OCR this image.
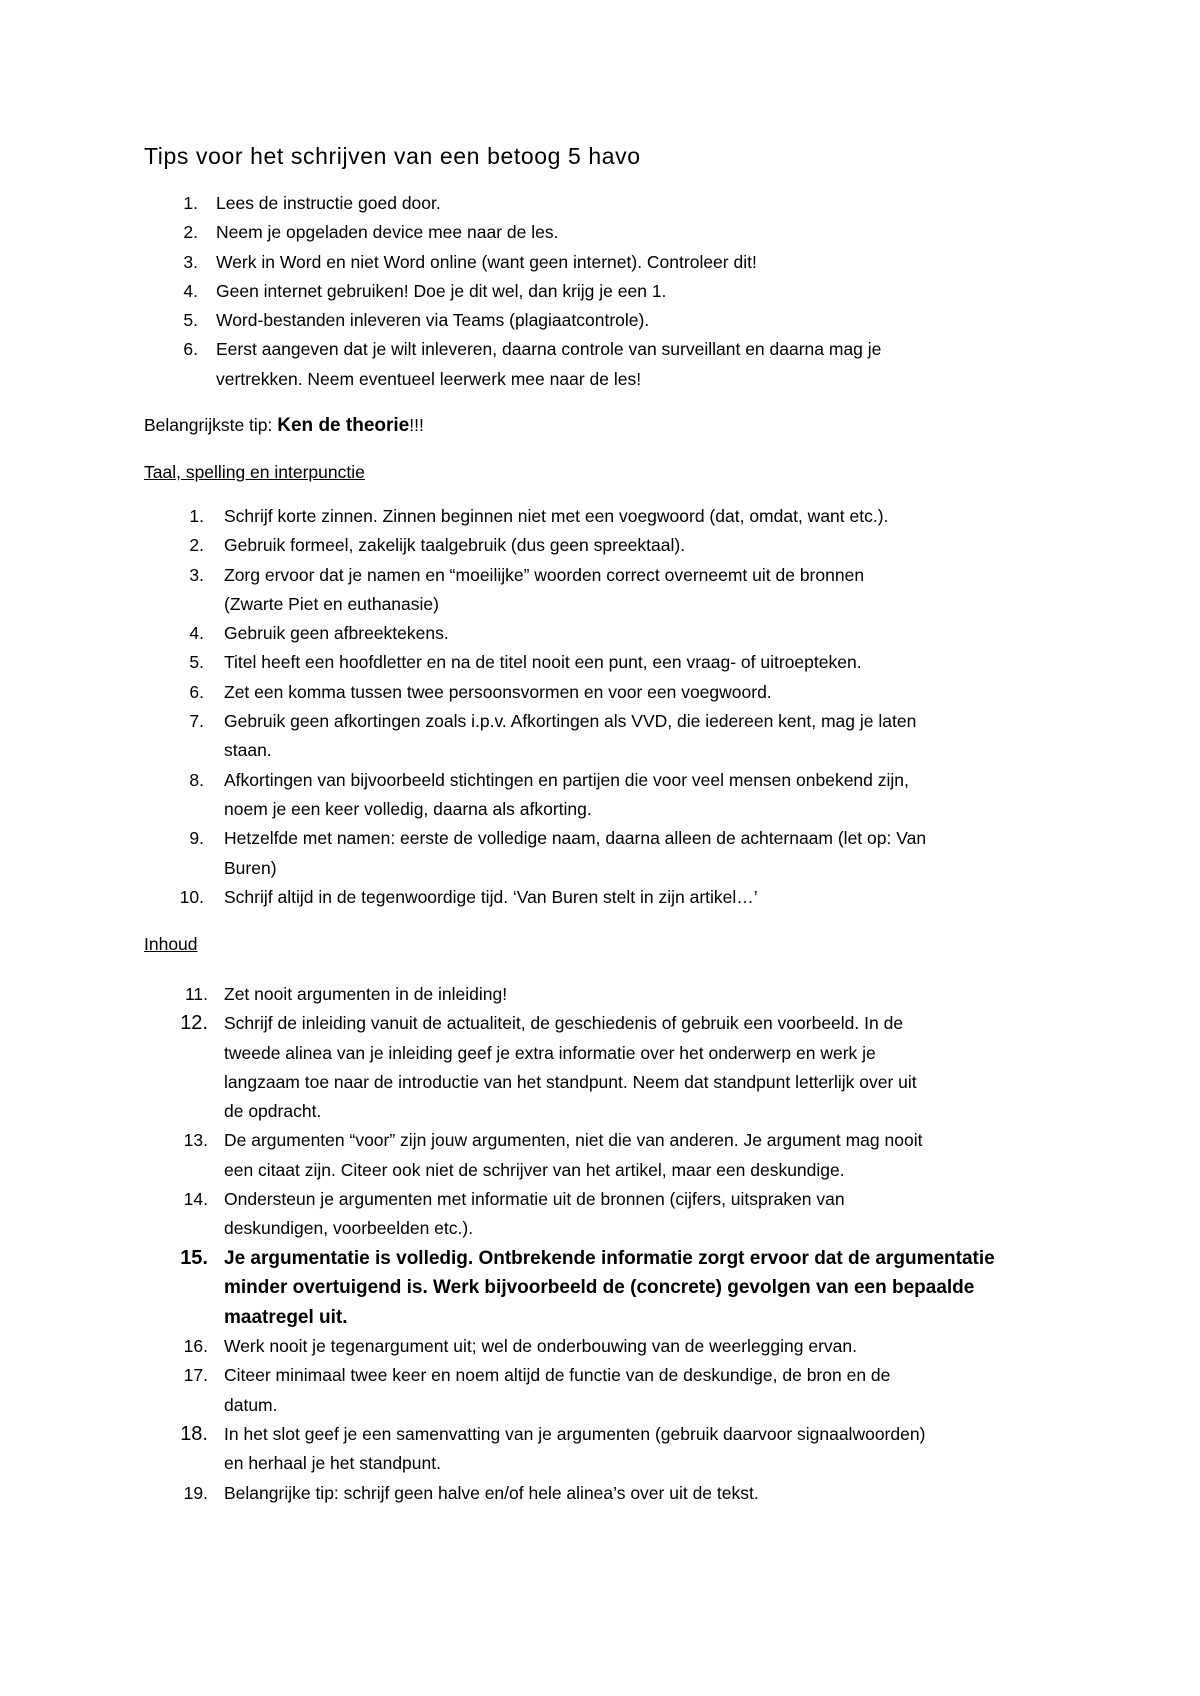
Tips voor het schrijven van een betoog 5 havo
1.	Lees de instructie goed door.
2.	Neem je opgeladen device mee naar de les.
3.	Werk in Word en niet Word online (want geen internet). Controleer dit!
4.	Geen internet gebruiken! Doe je dit wel, dan krijg je een 1.
5.	Word-bestanden inleveren via Teams (plagiaatcontrole).
6.	Eerst aangeven dat je wilt inleveren, daarna controle van surveillant en daarna mag je
vertrekken. Neem eventueel leerwerk mee naar de les!

Belangrijkste tip: Ken de theorie!!!

Taal, spelling en interpunctie
1.	Schrijf korte zinnen. Zinnen beginnen niet met een voegwoord (dat, omdat, want etc.).
2.	Gebruik formeel, zakelijk taalgebruik (dus geen spreektaal).
3.	Zorg ervoor dat je namen en “moeilijke” woorden correct overneemt uit de bronnen
(Zwarte Piet en euthanasie)
4.	Gebruik geen afbreektekens.
5.	Titel heeft een hoofdletter en na de titel nooit een punt, een vraag- of uitroepteken.
6.	Zet een komma tussen twee persoonsvormen en voor een voegwoord.
7.	Gebruik geen afkortingen zoals i.p.v. Afkortingen als VVD, die iedereen kent, mag je laten
staan.
8.	Afkortingen van bijvoorbeeld stichtingen en partijen die voor veel mensen onbekend zijn,
noem je een keer volledig, daarna als afkorting.
9.	Hetzelfde met namen: eerste de volledige naam, daarna alleen de achternaam (let op: Van
Buren)
10.	Schrijf altijd in de tegenwoordige tijd. ‘Van Buren stelt in zijn artikel…’
Inhoud
11. Zet nooit argumenten in de inleiding!
12. Schrijf de inleiding vanuit de actualiteit, de geschiedenis of gebruik een voorbeeld. In de
tweede alinea van je inleiding geef je extra informatie over het onderwerp en werk je
langzaam toe naar de introductie van het standpunt. Neem dat standpunt letterlijk over uit
de opdracht.
13. De argumenten “voor” zijn jouw argumenten, niet die van anderen. Je argument mag nooit
een citaat zijn. Citeer ook niet de schrijver van het artikel, maar een deskundige.
14. Ondersteun je argumenten met informatie uit de bronnen (cijfers, uitspraken van
deskundigen, voorbeelden etc.).
15. Je argumentatie is volledig. Ontbrekende informatie zorgt ervoor dat de argumentatie
minder overtuigend is. Werk bijvoorbeeld de (concrete) gevolgen van een bepaalde
maatregel uit.
16. Werk nooit je tegenargument uit; wel de onderbouwing van de weerlegging ervan.
17. Citeer minimaal twee keer en noem altijd de functie van de deskundige, de bron en de
datum.
18. In het slot geef je een samenvatting van je argumenten (gebruik daarvoor signaalwoorden)
en herhaal je het standpunt.
19. Belangrijke tip: schrijf geen halve en/of hele alinea’s over uit de tekst.
